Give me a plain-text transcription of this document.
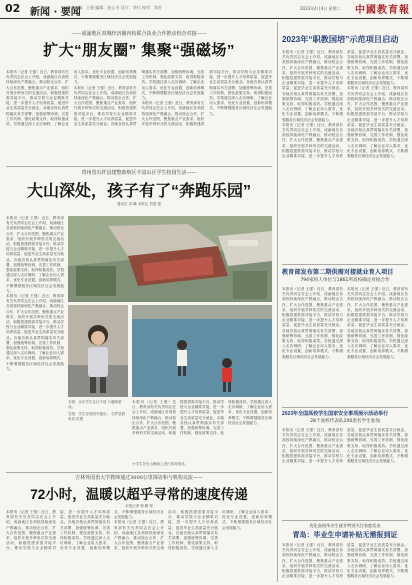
02 新闻 · 要闻
主编：王强 编辑：赵云书 设计：李红 校对：刘芳	2023年4月4日 星期二 中國教育報
——成渝地区双城经济圈内校联合执业合作推动校企对接——
扩大“朋友圈” 集聚“强磁场”

本报讯（记者 王强）近日，教育部有关负责同志在会上介绍，成渝地区各高校持续深化产教融合，推动校企合作，扩大合作范围，聚焦重点产业需求，组织开展多种形式的交流活动，积极搭建供需对接平台，推动学校与企业精准对接，进一步提升人才培养质量，促进毕业生高质量充分就业。各地各校认真贯彻落实有关部署，加强统筹协调，完善工作机制，强化政策支持，取得积极成效。学校通过深入走访调研，了解企业用人需求，优化专业设置，创新培养模式，不断增强服务区域经济社会发展能力。

本报讯（记者 王强）近日，教育部有关负责同志在会上介绍，成渝地区各高校持续深化产教融合，推动校企合作，扩大合作范围，聚焦重点产业需求，组织开展多种形式的交流活动，积极搭建供需对接平台，推动学校与企业精准对接，进一步提升人才培养质量，促进毕业生高质量充分就业。各地各校认真贯彻落实有关部署，加强统筹协调，完善工作机制，强化政策支持，取得积极成效。学校通过深入走访调研，了解企业用人需求，优化专业设置，创新培养模式，不断增强服务区域经济社会发展能力。

本报讯（记者 王强）近日，教育部有关负责同志在会上介绍，成渝地区各高校持续深化产教融合，推动校企合作，扩大合作范围，聚焦重点产业需求，组织开展多种形式的交流活动，积极搭建供需对接平台，推动学校与企业精准对接，进一步提升人才培养质量，促进毕业生高质量充分就业。各地各校认真贯彻落实有关部署，加强统筹协调，完善工作机制，强化政策支持，取得积极成效。学校通过深入走访调研，了解企业用人需求，优化专业设置，创新培养模式，不断增强服务区域经济社会发展能力。

贵州省石阡县建整助纳区丰富山区学生校园生活——
大山深处，孩子有了“奔跑乐园”
通讯员 刘 曦 本报记 刘建 提

本报讯（记者 王强）近日，教育部有关负责同志在会上介绍，成渝地区各高校持续深化产教融合，推动校企合作，扩大合作范围，聚焦重点产业需求，组织开展多种形式的交流活动，积极搭建供需对接平台，推动学校与企业精准对接，进一步提升人才培养质量，促进毕业生高质量充分就业。各地各校认真贯彻落实有关部署，加强统筹协调，完善工作机制，强化政策支持，取得积极成效。学校通过深入走访调研，了解企业用人需求，优化专业设置，创新培养模式，不断增强服务区域经济社会发展能力。

本报讯（记者 王强）近日，教育部有关负责同志在会上介绍，成渝地区各高校持续深化产教融合，推动校企合作，扩大合作范围，聚焦重点产业需求，组织开展多种形式的交流活动，积极搭建供需对接平台，推动学校与企业精准对接，进一步提升人才培养质量，促进毕业生高质量充分就业。各地各校认真贯彻落实有关部署，加强统筹协调，完善工作机制，强化政策支持，取得积极成效。学校通过深入走访调研，了解企业用人需求，优化专业设置，创新培养模式，不断增强服务区域经济社会发展能力。

右图：从年学生社区中进 行趣味游戏。
右图：学生在校园中跑步。 石阡县教育局 供图

本报讯（记者 王强）近日，教育部有关负责同志在会上介绍，成渝地区各高校持续深化产教融合，推动校企合作，扩大合作范围，聚焦重点产业需求，组织开展多种形式的交流活动，积极搭建供需对接平台，推动学校与企业精准对接，进一步提升人才培养质量，促进毕业生高质量充分就业。各地各校认真贯彻落实有关部署，加强统筹协调，完善工作机制，强化政策支持，取得积极成效。学校通过深入走访调研，了解企业用人需求，优化专业设置，创新培养模式，不断增强服务区域经济社会发展能力。

小学生在东山操场上进行体育游戏。
吉林外国语大学教师通过3000公里探访和与机构交流——
72小时，温暖以超乎寻常的速度传递
本报记者 韩 鹏 程

本报讯（记者 王强）近日，教育部有关负责同志在会上介绍，成渝地区各高校持续深化产教融合，推动校企合作，扩大合作范围，聚焦重点产业需求，组织开展多种形式的交流活动，积极搭建供需对接平台，推动学校与企业精准对接，进一步提升人才培养质量，促进毕业生高质量充分就业。各地各校认真贯彻落实有关部署，加强统筹协调，完善工作机制，强化政策支持，取得积极成效。学校通过深入走访调研，了解企业用人需求，优化专业设置，创新培养模式，不断增强服务区域经济社会发展能力。

本报讯（记者 王强）近日，教育部有关负责同志在会上介绍，成渝地区各高校持续深化产教融合，推动校企合作，扩大合作范围，聚焦重点产业需求，组织开展多种形式的交流活动，积极搭建供需对接平台，推动学校与企业精准对接，进一步提升人才培养质量，促进毕业生高质量充分就业。各地各校认真贯彻落实有关部署，加强统筹协调，完善工作机制，强化政策支持，取得积极成效。学校通过深入走访调研，了解企业用人需求，优化专业设置，创新培养模式，不断增强服务区域经济社会发展能力。

2023年“职教国培”示范项目启动

本报讯（记者 王强）近日，教育部有关负责同志在会上介绍，成渝地区各高校持续深化产教融合，推动校企合作，扩大合作范围，聚焦重点产业需求，组织开展多种形式的交流活动，积极搭建供需对接平台，推动学校与企业精准对接，进一步提升人才培养质量，促进毕业生高质量充分就业。各地各校认真贯彻落实有关部署，加强统筹协调，完善工作机制，强化政策支持，取得积极成效。学校通过深入走访调研，了解企业用人需求，优化专业设置，创新培养模式，不断增强服务区域经济社会发展能力。

本报讯（记者 王强）近日，教育部有关负责同志在会上介绍，成渝地区各高校持续深化产教融合，推动校企合作，扩大合作范围，聚焦重点产业需求，组织开展多种形式的交流活动，积极搭建供需对接平台，推动学校与企业精准对接，进一步提升人才培养质量，促进毕业生高质量充分就业。各地各校认真贯彻落实有关部署，加强统筹协调，完善工作机制，强化政策支持，取得积极成效。学校通过深入走访调研，了解企业用人需求，优化专业设置，创新培养模式，不断增强服务区域经济社会发展能力。

本报讯（记者 王强）近日，教育部有关负责同志在会上介绍，成渝地区各高校持续深化产教融合，推动校企合作，扩大合作范围，聚焦重点产业需求，组织开展多种形式的交流活动，积极搭建供需对接平台，推动学校与企业精准对接，进一步提升人才培养质量，促进毕业生高质量充分就业。各地各校认真贯彻落实有关部署，加强统筹协调，完善工作机制，强化政策支持，取得积极成效。学校通过深入走访调研，了解企业用人需求，优化专业设置，创新培养模式，不断增强服务区域经济社会发展能力。

教育部发布第二期供需对接就业育人项目
794家用人单位与1861所高校确定对接合作

本报讯（记者 王强）近日，教育部有关负责同志在会上介绍，成渝地区各高校持续深化产教融合，推动校企合作，扩大合作范围，聚焦重点产业需求，组织开展多种形式的交流活动，积极搭建供需对接平台，推动学校与企业精准对接，进一步提升人才培养质量，促进毕业生高质量充分就业。各地各校认真贯彻落实有关部署，加强统筹协调，完善工作机制，强化政策支持，取得积极成效。学校通过深入走访调研，了解企业用人需求，优化专业设置，创新培养模式，不断增强服务区域经济社会发展能力。

本报讯（记者 王强）近日，教育部有关负责同志在会上介绍，成渝地区各高校持续深化产教融合，推动校企合作，扩大合作范围，聚焦重点产业需求，组织开展多种形式的交流活动，积极搭建供需对接平台，推动学校与企业精准对接，进一步提升人才培养质量，促进毕业生高质量充分就业。各地各校认真贯彻落实有关部署，加强统筹协调，完善工作机制，强化政策支持，取得积极成效。学校通过深入走访调研，了解企业用人需求，优化专业设置，创新培养模式，不断增强服务区域经济社会发展能力。

2023年全国高校学生国家安全事项展示活动举行
28个高校代表队200余名学生参加

本报讯（记者 王强）近日，教育部有关负责同志在会上介绍，成渝地区各高校持续深化产教融合，推动校企合作，扩大合作范围，聚焦重点产业需求，组织开展多种形式的交流活动，积极搭建供需对接平台，推动学校与企业精准对接，进一步提升人才培养质量，促进毕业生高质量充分就业。各地各校认真贯彻落实有关部署，加强统筹协调，完善工作机制，强化政策支持，取得积极成效。学校通过深入走访调研，了解企业用人需求，优化专业设置，创新培养模式，不断增强服务区域经济社会发展能力。

优化高校毕业生就业特别关注家庭发表
青岛：毕业生申请补贴无需报到证

本报讯（记者 王强）近日，教育部有关负责同志在会上介绍，成渝地区各高校持续深化产教融合，推动校企合作，扩大合作范围，聚焦重点产业需求，组织开展多种形式的交流活动，积极搭建供需对接平台，推动学校与企业精准对接，进一步提升人才培养质量，促进毕业生高质量充分就业。各地各校认真贯彻落实有关部署，加强统筹协调，完善工作机制，强化政策支持，取得积极成效。学校通过深入走访调研，了解企业用人需求，优化专业设置，创新培养模式，不断增强服务区域经济社会发展能力。
